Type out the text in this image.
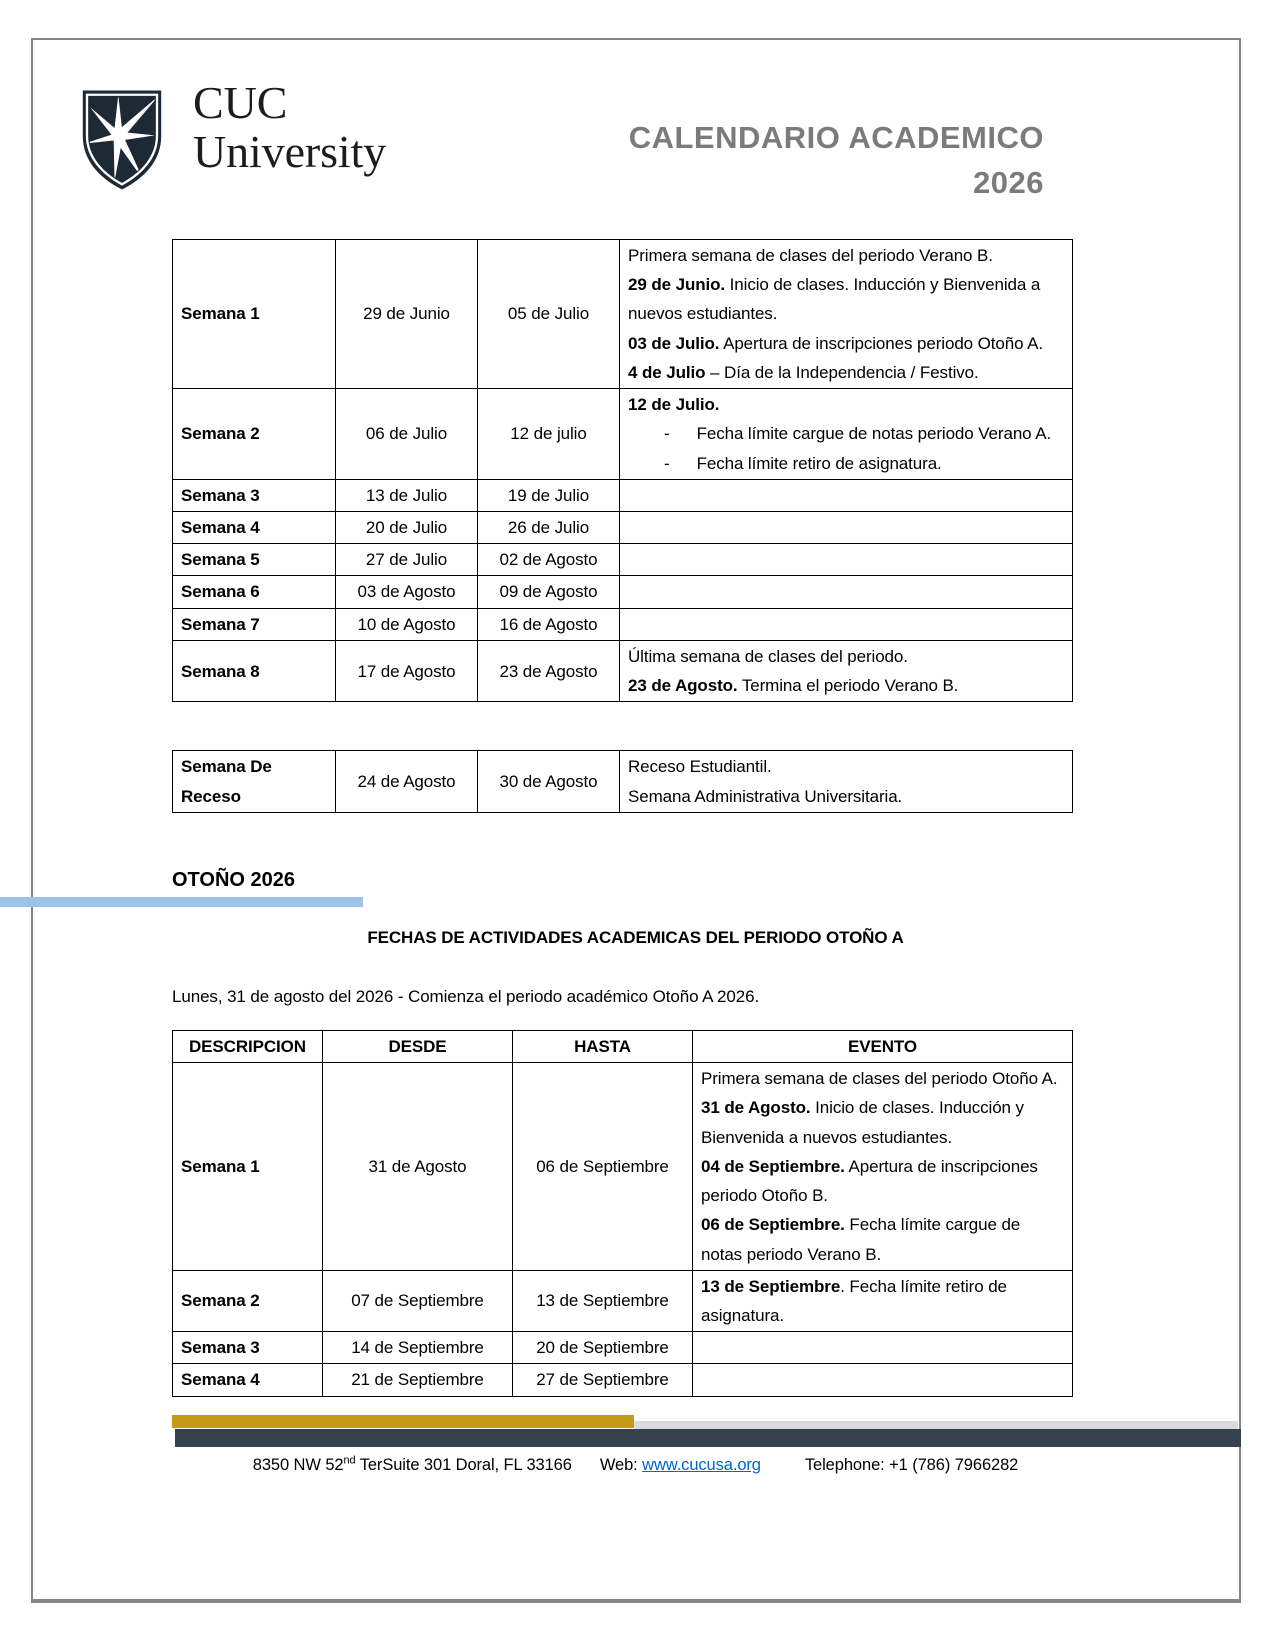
CUC
University	CALENDARIO ACADEMICO
2026
Semana 1	29 de Junio	05 de Julio	Primera semana de clases del periodo Verano B.
29 de Junio. Inicio de clases. Inducción y Bienvenida a nuevos estudiantes.
03 de Julio. Apertura de inscripciones periodo Otoño A.
4 de Julio – Día de la Independencia / Festivo.

Semana 2	06 de Julio	12 de julio	12 de Julio.
- Fecha límite cargue de notas periodo Verano A.
- Fecha límite retiro de asignatura.

Semana 3	13 de Julio	19 de Julio	
Semana 4	20 de Julio	26 de Julio	
Semana 5	27 de Julio	02 de Agosto	
Semana 6	03 de Agosto	09 de Agosto	
Semana 7	10 de Agosto	16 de Agosto	
Semana 8	17 de Agosto	23 de Agosto	Última semana de clases del periodo.
23 de Agosto. Termina el periodo Verano B.
Semana De Receso	24 de Agosto	30 de Agosto	
Receso Estudiantil.
Semana Administrativa Universitaria.
OTOÑO 2026
FECHAS DE ACTIVIDADES ACADEMICAS DEL PERIODO OTOÑO A

Lunes, 31 de agosto del 2026 - Comienza el periodo académico Otoño A 2026.

DESCRIPCION	DESDE	HASTA	EVENTO
Semana 1	31 de Agosto	06 de Septiembre	Primera semana de clases del periodo Otoño A.
31 de Agosto. Inicio de clases. Inducción y Bienvenida a nuevos estudiantes.
04 de Septiembre. Apertura de inscripciones periodo Otoño B.
06 de Septiembre. Fecha límite cargue de notas periodo Verano B.

Semana 2	07 de Septiembre	13 de Septiembre	13 de Septiembre. Fecha límite retiro de asignatura.

Semana 3	14 de Septiembre	20 de Septiembre	
Semana 4	21 de Septiembre	27 de Septiembre	
8350 NW 52nd TerSuite 301 Doral, FL 33166 Web: www.cucusa.org	Telephone: +1 (786) 7966282
